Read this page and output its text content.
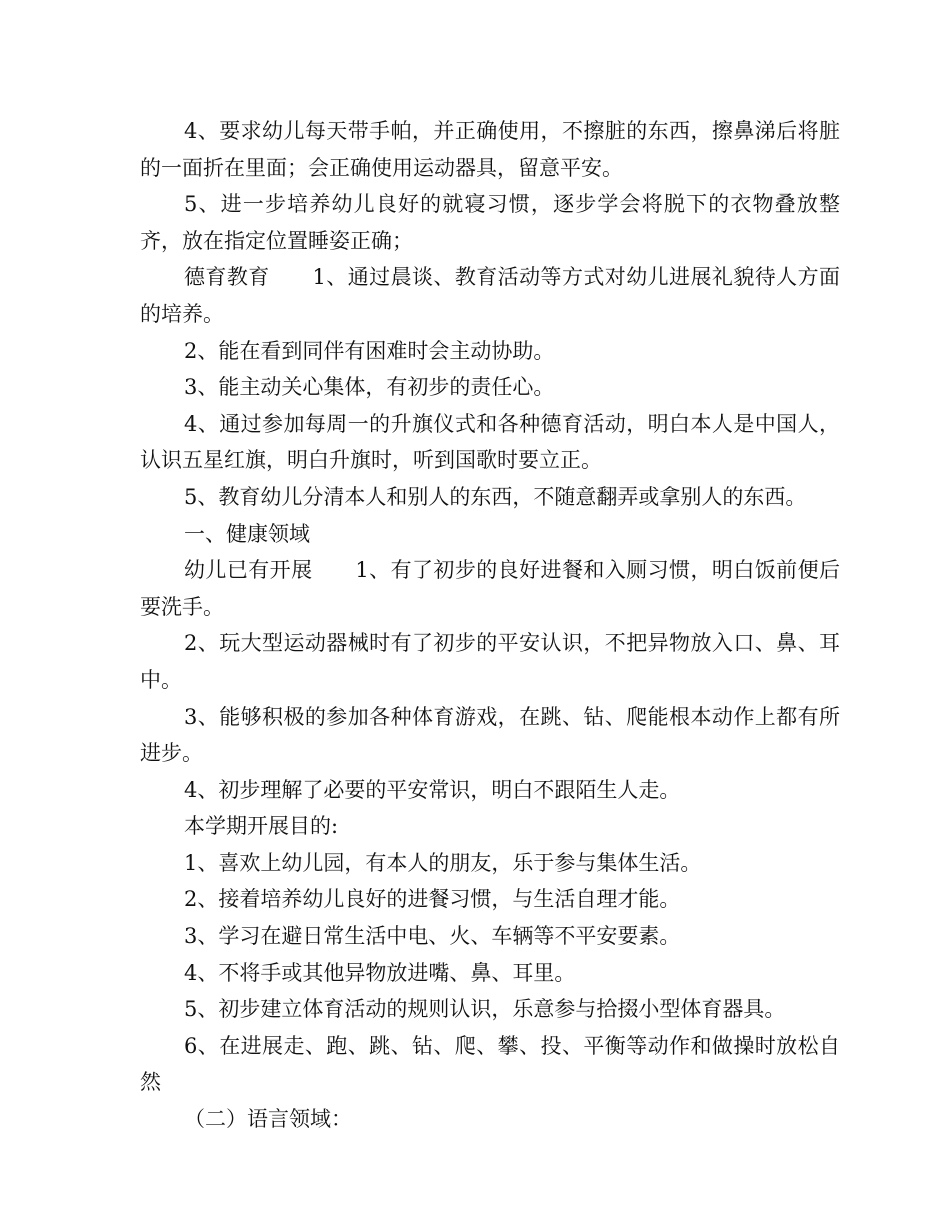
4、要求幼儿每天带手帕，并正确使用，不擦脏的东西，擦鼻涕后将脏的一面折在里面；会正确使用运动器具，留意平安。

5、进一步培养幼儿良好的就寝习惯，逐步学会将脱下的衣物叠放整齐，放在指定位置睡姿正确；

德育教育　　1、通过晨谈、教育活动等方式对幼儿进展礼貌待人方面的培养。

2、能在看到同伴有困难时会主动协助。

3、能主动关心集体，有初步的责任心。

4、通过参加每周一的升旗仪式和各种德育活动，明白本人是中国人，认识五星红旗，明白升旗时，听到国歌时要立正。

5、教育幼儿分清本人和别人的东西，不随意翻弄或拿别人的东西。

一、健康领域

幼儿已有开展　　1、有了初步的良好进餐和入厕习惯，明白饭前便后要洗手。

2、玩大型运动器械时有了初步的平安认识，不把异物放入口、鼻、耳中。

3、能够积极的参加各种体育游戏，在跳、钻、爬能根本动作上都有所进步。

4、初步理解了必要的平安常识，明白不跟陌生人走。

本学期开展目的:

1、喜欢上幼儿园，有本人的朋友，乐于参与集体生活。

2、接着培养幼儿良好的进餐习惯，与生活自理才能。

3、学习在避日常生活中电、火、车辆等不平安要素。

4、不将手或其他异物放进嘴、鼻、耳里。

5、初步建立体育活动的规则认识，乐意参与拾掇小型体育器具。

6、在进展走、跑、跳、钻、爬、攀、投、平衡等动作和做操时放松自然

（二）语言领域：
